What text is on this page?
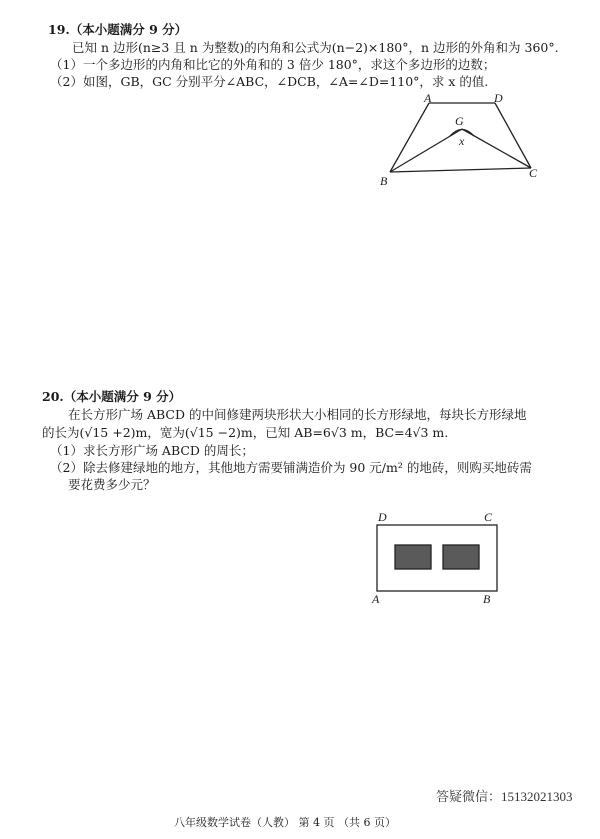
19.（本小题满分 9 分）
已知 n 边形(n≥3 且 n 为整数)的内角和公式为(n−2)×180°，n 边形的外角和为 360°.
（1）一个多边形的内角和比它的外角和的 3 倍少 180°，求这个多边形的边数；
（2）如图，GB，GC 分别平分∠ABC，∠DCB，∠A=∠D=110°，求 x 的值.
A	D
G
x
B
C
20.（本小题满分 9 分）
在长方形广场 ABCD 的中间修建两块形状大小相同的长方形绿地，每块长方形绿地
的长为(√15 +2)m，宽为(√15 −2)m，已知 AB=6√3 m，BC=4√3 m.
（1）求长方形广场 ABCD 的周长；
（2）除去修建绿地的地方，其他地方需要铺满造价为 90 元/m² 的地砖，则购买地砖需
要花费多少元？
D	C
A	B
答疑微信：15132021303
八年级数学试卷（人教） 第 4 页 （共 6 页）
